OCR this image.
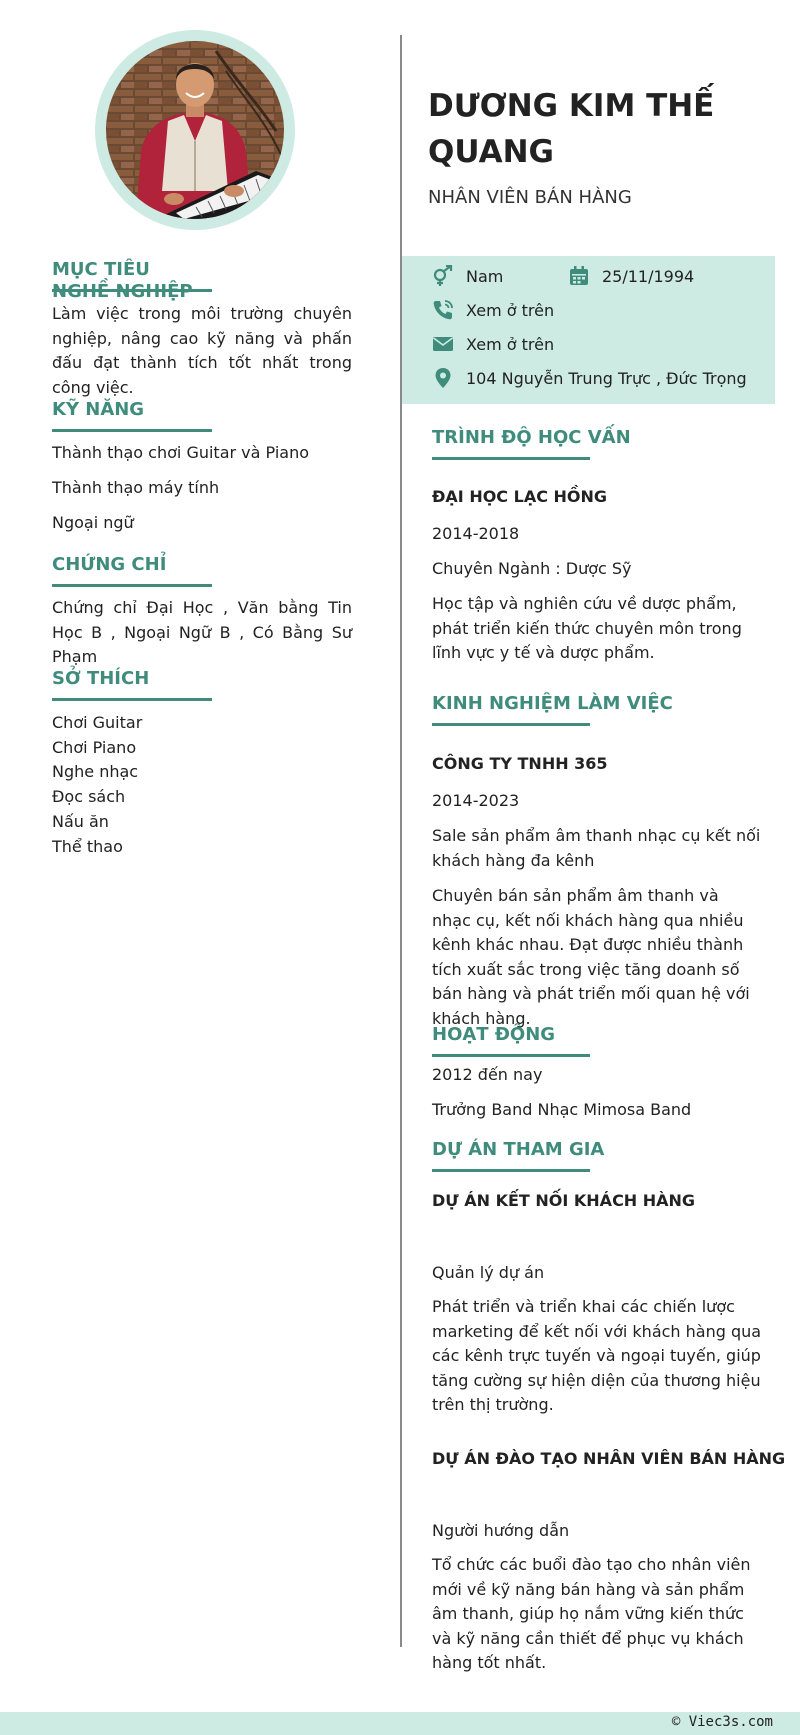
MỤC TIÊU
Làm việc trong môi trường chuyên nghiệp, nâng cao kỹ năng và phấn đấu đạt thành tích tốt nhất trong công việc.
KỸ NĂNG
Thành thạo chơi Guitar và Piano
Thành thạo máy tính
Ngoại ngữ
CHỨNG CHỈ
Chứng chỉ Đại Học , Văn bằng Tin Học B , Ngoại Ngữ B , Có Bằng Sư Phạm
SỞ THÍCH
Chơi Guitar
Chơi Piano
Nghe nhạc
Đọc sách
Nấu ăn
Thể thao
DƯƠNG KIM THẾ QUANG
NHÂN VIÊN BÁN HÀNG
Nam	25/11/1994
Xem ở trên
Xem ở trên
104 Nguyễn Trung Trực , Đức Trọng
TRÌNH ĐỘ HỌC VẤN
ĐẠI HỌC LẠC HỒNG
2014-2018
Chuyên Ngành : Dược Sỹ
Học tập và nghiên cứu về dược phẩm, phát triển kiến thức chuyên môn trong lĩnh vực y tế và dược phẩm.
KINH NGHIỆM LÀM VIỆC
CÔNG TY TNHH 365
2014-2023
Sale sản phẩm âm thanh nhạc cụ kết nối khách hàng đa kênh
Chuyên bán sản phẩm âm thanh và nhạc cụ, kết nối khách hàng qua nhiều kênh khác nhau. Đạt được nhiều thành tích xuất sắc trong việc tăng doanh số bán hàng và phát triển mối quan hệ với khách hàng.
HOẠT ĐỘNG
2012 đến nay
Trưởng Band Nhạc Mimosa Band
DỰ ÁN THAM GIA
DỰ ÁN KẾT NỐI KHÁCH HÀNG
Quản lý dự án
Phát triển và triển khai các chiến lược marketing để kết nối với khách hàng qua các kênh trực tuyến và ngoại tuyến, giúp tăng cường sự hiện diện của thương hiệu trên thị trường.
DỰ ÁN ĐÀO TẠO NHÂN VIÊN BÁN HÀNG
Người hướng dẫn
Tổ chức các buổi đào tạo cho nhân viên mới về kỹ năng bán hàng và sản phẩm âm thanh, giúp họ nắm vững kiến thức và kỹ năng cần thiết để phục vụ khách hàng tốt nhất.
© Viec3s.com
